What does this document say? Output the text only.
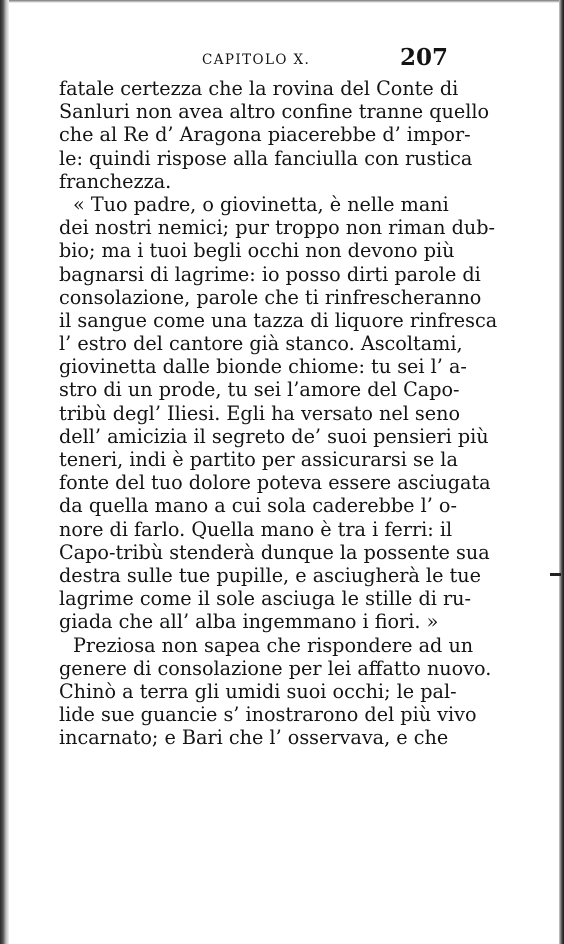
CAPITOLO X.	207
fatale certezza che la rovina del Conte di
Sanluri non avea altro confine tranne quello
che al Re d’ Aragona piacerebbe d’ impor-
le: quindi rispose alla fanciulla con rustica
franchezza.
« Tuo padre, o giovinetta, è nelle mani
dei nostri nemici; pur troppo non riman dub-
bio; ma i tuoi begli occhi non devono più
bagnarsi di lagrime: io posso dirti parole di
consolazione, parole che ti rinfrescheranno
il sangue come una tazza di liquore rinfresca
l’ estro del cantore già stanco. Ascoltami,
giovinetta dalle bionde chiome: tu sei l’ a-
stro di un prode, tu sei l’amore del Capo-
tribù degl’ Iliesi. Egli ha versato nel seno
dell’ amicizia il segreto de’ suoi pensieri più
teneri, indi è partito per assicurarsi se la
fonte del tuo dolore poteva essere asciugata
da quella mano a cui sola caderebbe l’ o-
nore di farlo. Quella mano è tra i ferri: il
Capo-tribù stenderà dunque la possente sua
destra sulle tue pupille, e asciugherà le tue
lagrime come il sole asciuga le stille di ru-
giada che all’ alba ingemmano i fiori. »
Preziosa non sapea che rispondere ad un
genere di consolazione per lei affatto nuovo.
Chinò a terra gli umidi suoi occhi; le pal-
lide sue guancie s’ inostrarono del più vivo
incarnato; e Bari che l’ osservava, e che
